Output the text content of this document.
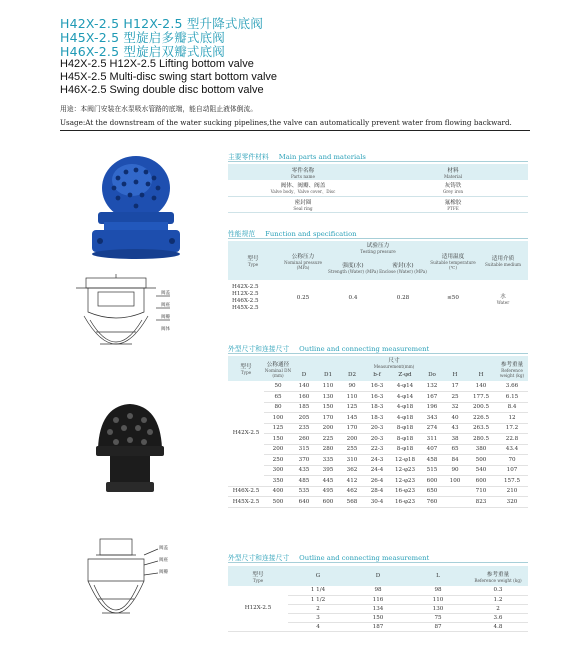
H42X-2.5 H12X-2.5 型升降式底阀
H45X-2.5 型旋启多瓣式底阀
H46X-2.5 型旋启双瓣式底阀
H42X-2.5 H12X-2.5 Lifting bottom valve
H45X-2.5 Multi-disc swing start bottom valve
H46X-2.5 Swing double disc bottom valve
用途：本阀门安装在水泵吸水管路的底端，能自动阻止液体倒流。
Usage:At the downstream of the water sucking pipelines,the valve can automatically prevent water from flowing backward.
阀盖
阀座
阀瓣
阀体
阀盖
阀座
阀瓣
主要零件材料 Main parts and materials
零件名称
Parts name	材料
Material

阀体、阀瓣、阀盖
Valve body、Valve cover、Disc	灰铸铁
Grey iron

密封圈
Seal ring	氟橡胶
PTFE
性能规范 Function and specification
型号
Type	公称压力
Nominal pressure (MPa)	试验压力
Testing pressure		适用温度
Suitable temperature (℃)	适用介质
Suitable medium

		强度(水)
Strength (Water) (MPa)	密封(水)
Enclose (Water) (MPa)		

H42X-2.5
H12X-2.5
H46X-2.5
H45X-2.5	0.25	0.4	0.28	≤50	水
Water
外型尺寸和连接尺寸 Outline and connecting measurement
型号
Type	公称通径
Nominal DN (mm)	尺寸
Measurement(mm)								参考重量
Reference weight (kg)

		D	D1	D2	b-f	Z-φd	Do	H	H	
H42X-2.5	50	140	110	90	16-3	4-φ14	132	17	140	3.66
	65	160	130	110	16-3	4-φ14	167	25	177.5	6.15
	80	185	150	125	18-3	4-φ18	196	32	200.5	8.4
	100	205	170	145	18-3	4-φ18	343	40	226.5	12
	125	235	200	170	20-3	8-φ18	274	43	263.5	17.2
	150	260	225	200	20-3	8-φ18	311	38	280.5	22.8
	200	315	280	255	22-3	8-φ18	407	65	380	43.4
	250	370	335	310	24-3	12-φ18	458	84	500	70
	300	435	395	362	24-4	12-φ23	515	90	540	107
	350	485	445	412	26-4	12-φ23	600	100	600	157.5
H46X-2.5	400	535	495	462	28-4	16-φ23	650		710	210
H45X-2.5	500	640	600	568	30-4	16-φ23	760		823	320
外型尺寸和连接尺寸 Outline and connecting measurement
型号
Type	G	D	L	参考重量
Reference weight (kg)

H12X-2.5	1 1/4	98	98	0.3
	1 1/2	116	110	1.2
	2	134	130	2
	3	150	75	3.6
	4	187	87	4.8
